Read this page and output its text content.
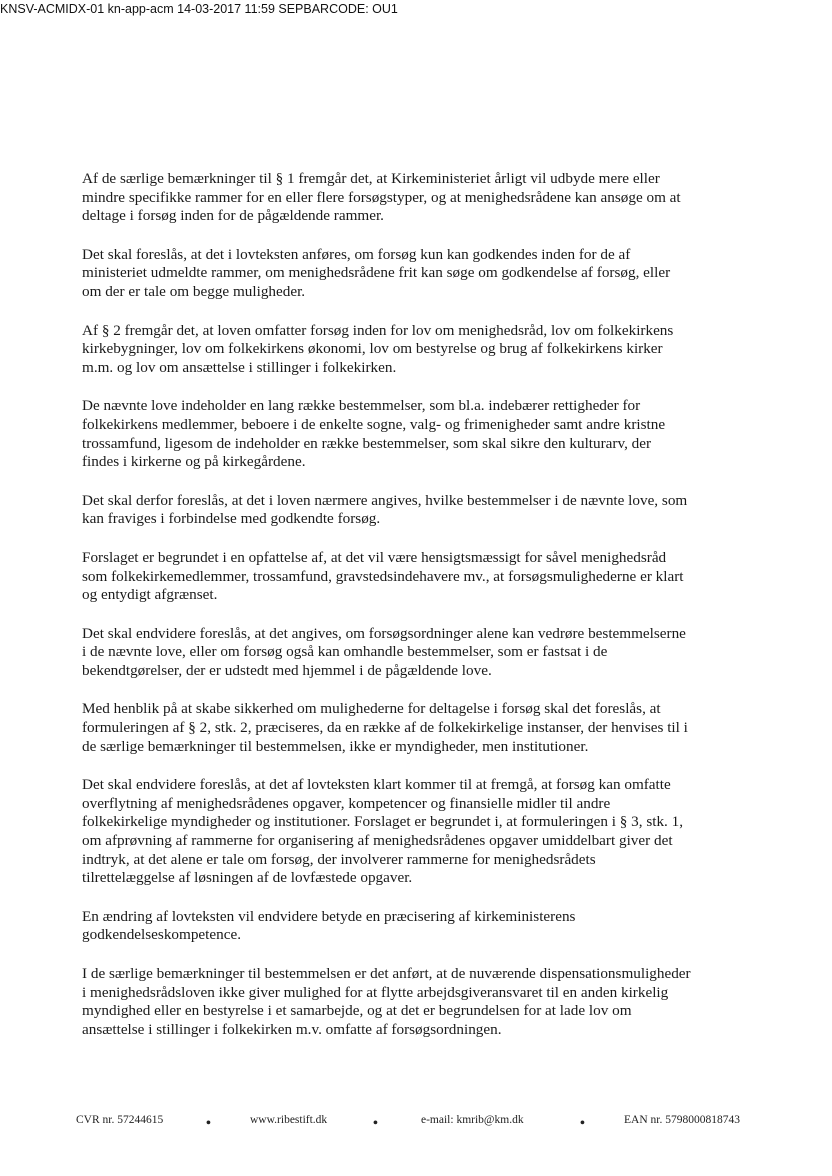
KNSV-ACMIDX-01 kn-app-acm 14-03-2017 11:59 SEPBARCODE: OU1

Af de særlige bemærkninger til § 1 fremgår det, at Kirkeministeriet årligt vil udbyde mere eller
mindre specifikke rammer for en eller flere forsøgstyper, og at menighedsrådene kan ansøge om at
deltage i forsøg inden for de pågældende rammer.

Det skal foreslås, at det i lovteksten anføres, om forsøg kun kan godkendes inden for de af
ministeriet udmeldte rammer, om menighedsrådene frit kan søge om godkendelse af forsøg, eller
om der er tale om begge muligheder.

Af § 2 fremgår det, at loven omfatter forsøg inden for lov om menighedsråd, lov om folkekirkens
kirkebygninger, lov om folkekirkens økonomi, lov om bestyrelse og brug af folkekirkens kirker
m.m. og lov om ansættelse i stillinger i folkekirken.

De nævnte love indeholder en lang række bestemmelser, som bl.a. indebærer rettigheder for
folkekirkens medlemmer, beboere i de enkelte sogne, valg- og frimenigheder samt andre kristne
trossamfund, ligesom de indeholder en række bestemmelser, som skal sikre den kulturarv, der
findes i kirkerne og på kirkegårdene.

Det skal derfor foreslås, at det i loven nærmere angives, hvilke bestemmelser i de nævnte love, som
kan fraviges i forbindelse med godkendte forsøg.

Forslaget er begrundet i en opfattelse af, at det vil være hensigtsmæssigt for såvel menighedsråd
som folkekirkemedlemmer, trossamfund, gravstedsindehavere mv., at forsøgsmulighederne er klart
og entydigt afgrænset.

Det skal endvidere foreslås, at det angives, om forsøgsordninger alene kan vedrøre bestemmelserne
i de nævnte love, eller om forsøg også kan omhandle bestemmelser, som er fastsat i de
bekendtgørelser, der er udstedt med hjemmel i de pågældende love.

Med henblik på at skabe sikkerhed om mulighederne for deltagelse i forsøg skal det foreslås, at
formuleringen af § 2, stk. 2, præciseres, da en række af de folkekirkelige instanser, der henvises til i
de særlige bemærkninger til bestemmelsen, ikke er myndigheder, men institutioner.

Det skal endvidere foreslås, at det af lovteksten klart kommer til at fremgå, at forsøg kan omfatte
overflytning af menighedsrådenes opgaver, kompetencer og finansielle midler til andre
folkekirkelige myndigheder og institutioner. Forslaget er begrundet i, at formuleringen i § 3, stk. 1,
om afprøvning af rammerne for organisering af menighedsrådenes opgaver umiddelbart giver det
indtryk, at det alene er tale om forsøg, der involverer rammerne for menighedsrådets
tilrettelæggelse af løsningen af de lovfæstede opgaver.

En ændring af lovteksten vil endvidere betyde en præcisering af kirkeministerens
godkendelseskompetence.

I de særlige bemærkninger til bestemmelsen er det anført, at de nuværende dispensationsmuligheder
i menighedsrådsloven ikke giver mulighed for at flytte arbejdsgiveransvaret til en anden kirkelig
myndighed eller en bestyrelse i et samarbejde, og at det er begrundelsen for at lade lov om
ansættelse i stillinger i folkekirken m.v. omfatte af forsøgsordningen.

CVR nr. 57244615	•	www.ribestift.dk	•	e-mail: kmrib@km.dk	•	EAN nr. 5798000818743
